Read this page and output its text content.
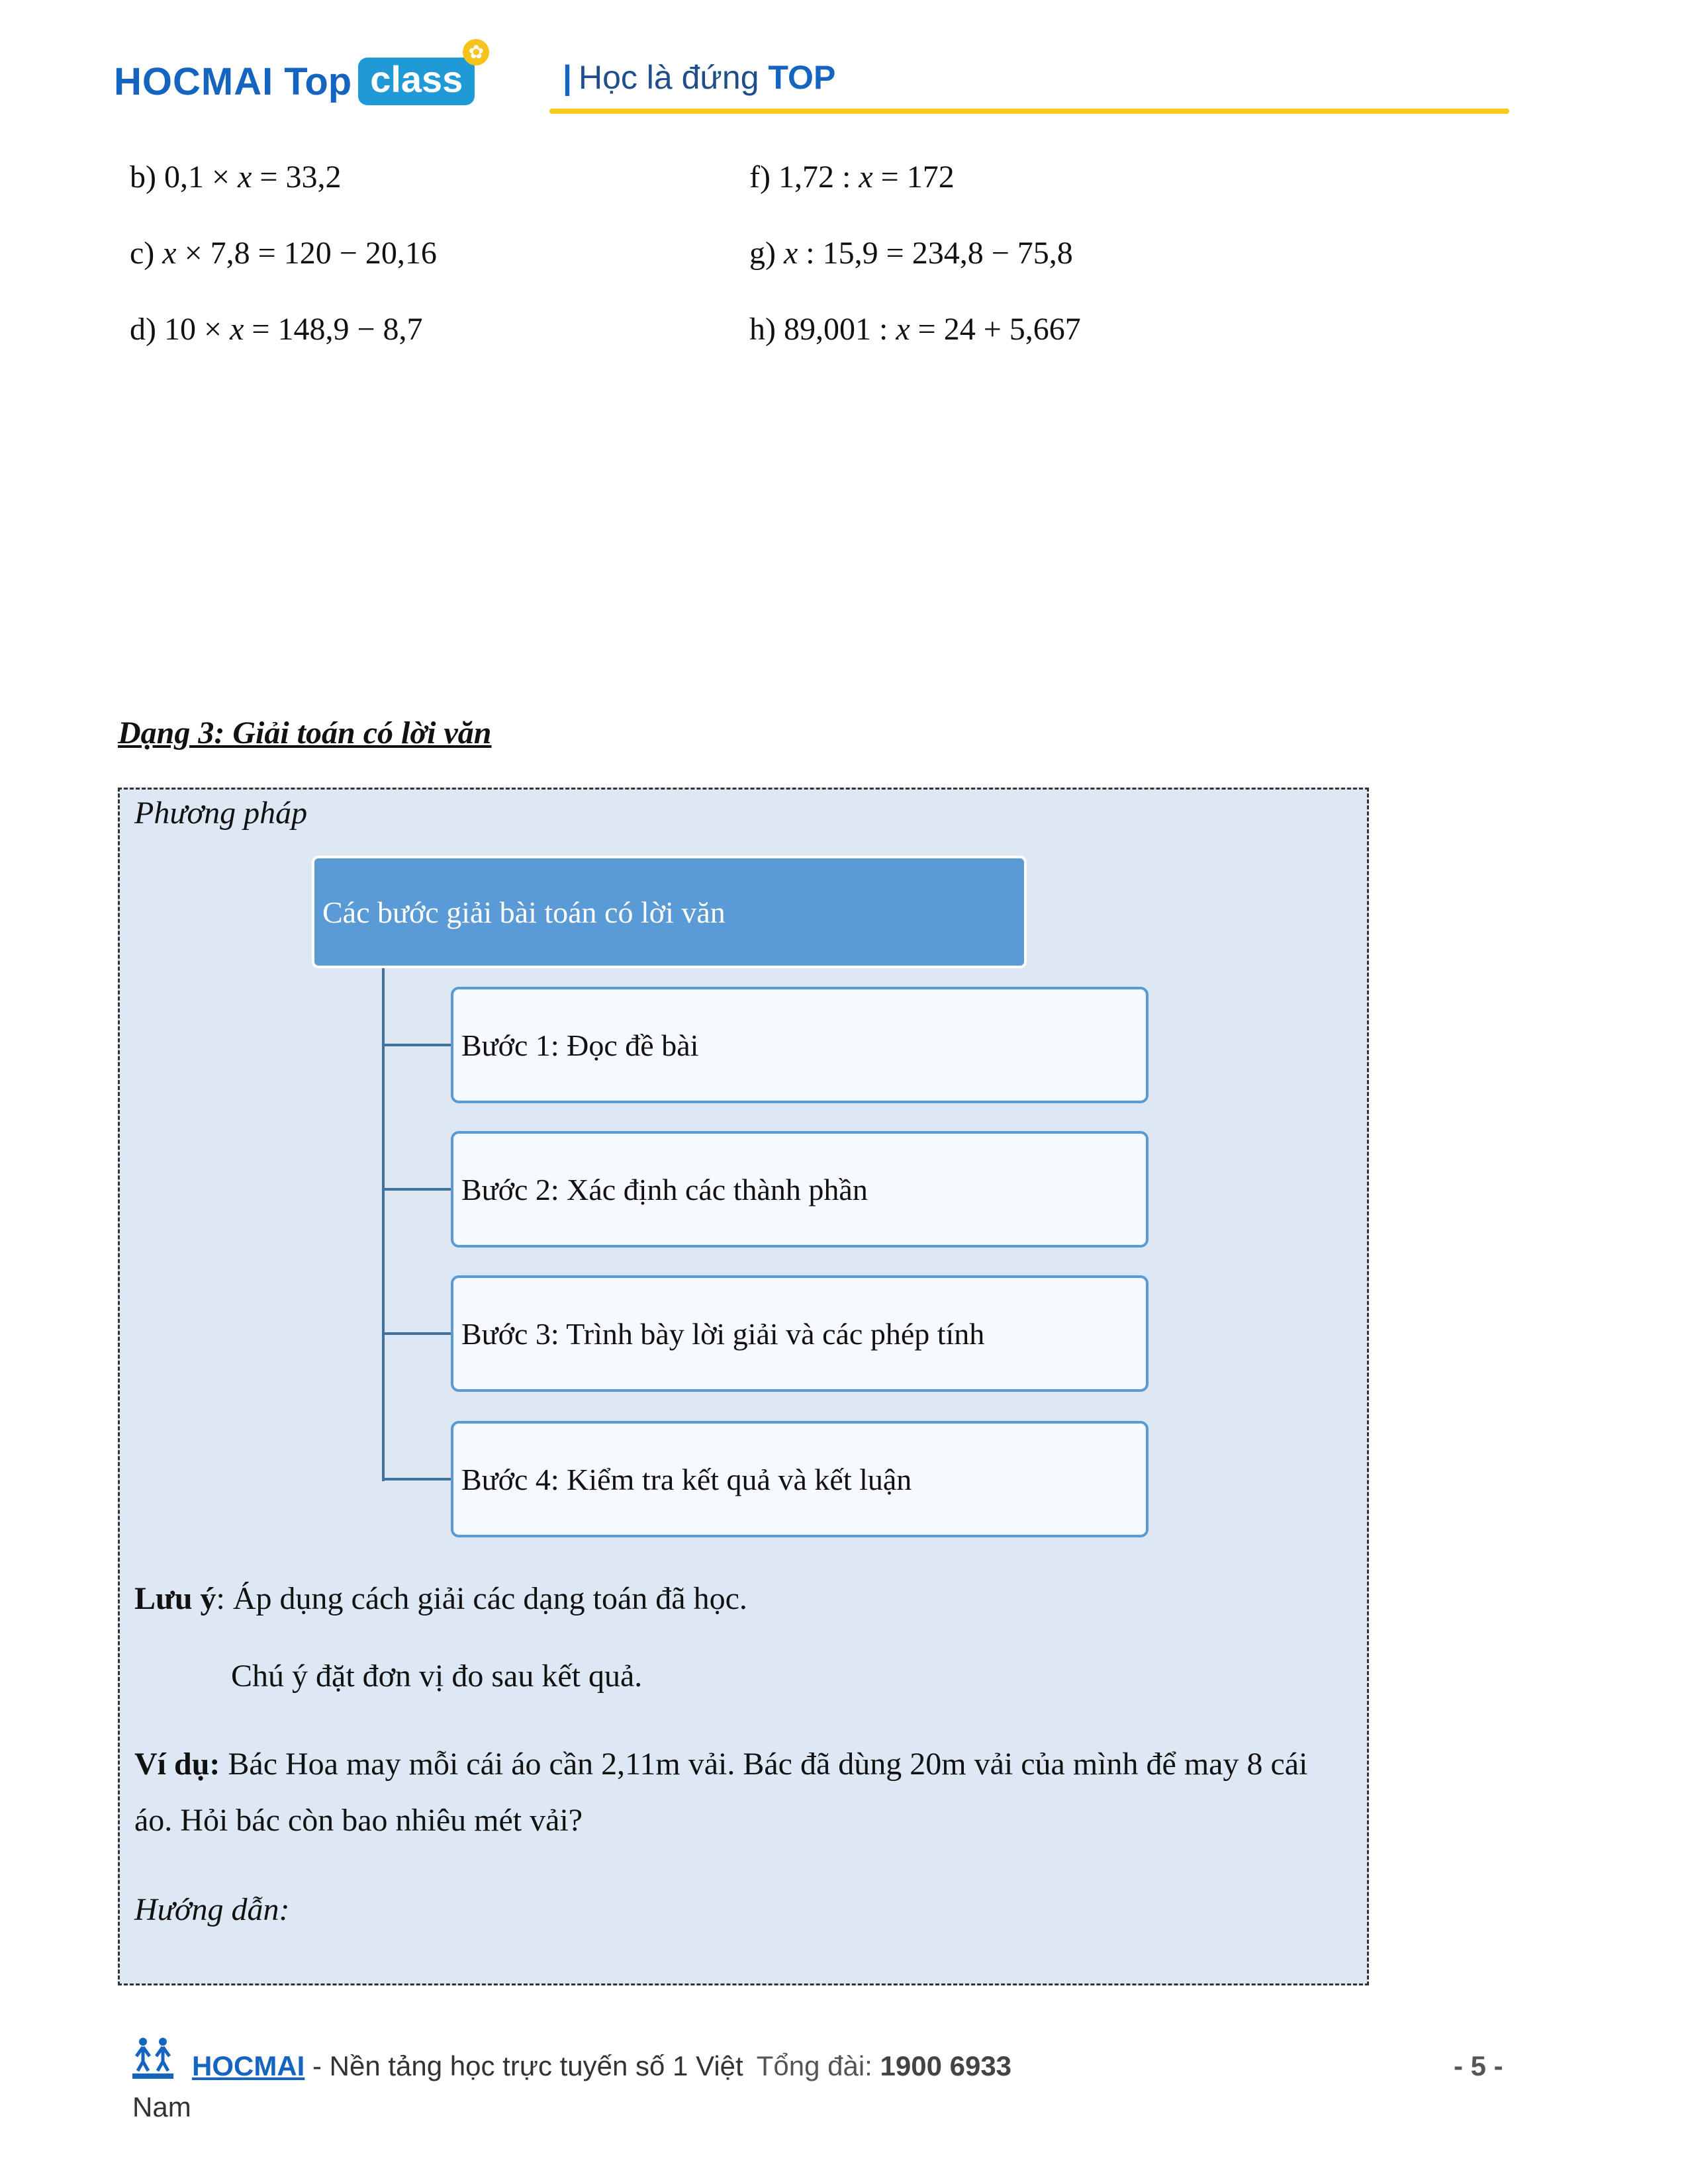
HOCMAI Top class
✿
| Học là đứng TOP
b) 0,1 × x = 33,2
c) x × 7,8 = 120 − 20,16
d) 10 × x = 148,9 − 8,7
f) 1,72 : x = 172
g) x : 15,9 = 234,8 − 75,8
h) 89,001 : x = 24 + 5,667
Dạng 3: Giải toán có lời văn
Phương pháp
Các bước giải bài toán có lời văn
Bước 1: Đọc đề bài
Bước 2: Xác định các thành phần
Bước 3: Trình bày lời giải và các phép tính
Bước 4: Kiểm tra kết quả và kết luận
Lưu ý: Áp dụng cách giải các dạng toán đã học.
Chú ý đặt đơn vị đo sau kết quả.
Ví dụ: Bác Hoa may mỗi cái áo cần 2,11m vải. Bác đã dùng 20m vải của mình để may 8 cái
áo. Hỏi bác còn bao nhiêu mét vải?
Hướng dẫn:
HOCMAI - Nền tảng học trực tuyến số 1 Việt Tổng đài: 1900 6933	- 5 -
Nam
